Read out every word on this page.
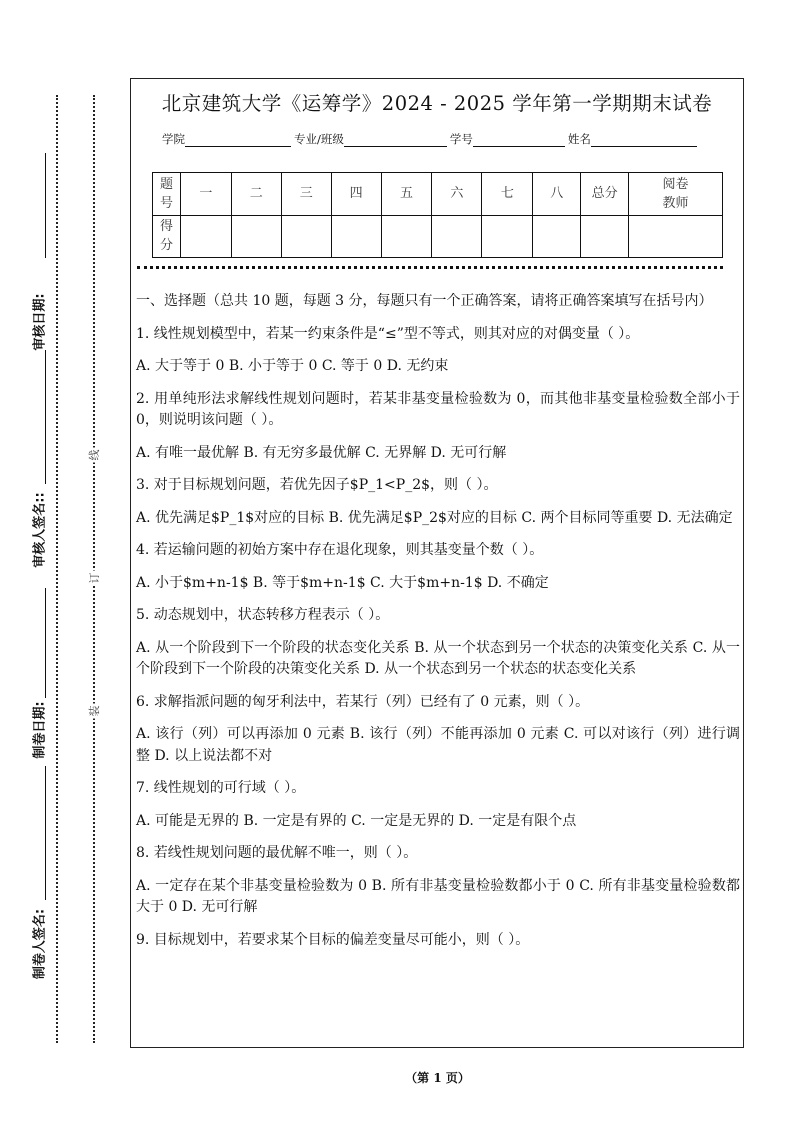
制卷人签名:
制卷日期:
审核人签名::
审核日期:
装
订
线
北京建筑大学《运筹学》2024 - 2025 学年第一学期期末试卷
学院	专业/班级	学号	姓名
题
号	一	二	三	四	五	六	七	八	总分	阅卷
教师
得
分										

一、选择题（总共 10 题，每题 3 分，每题只有一个正确答案，请将正确答案填写在括号内）

1. 线性规划模型中，若某一约束条件是“≤”型不等式，则其对应的对偶变量（ ）。

A. 大于等于 0 B. 小于等于 0 C. 等于 0 D. 无约束

2. 用单纯形法求解线性规划问题时，若某非基变量检验数为 0，而其他非基变量检验数全部小于 0，则说明该问题（ ）。

A. 有唯一最优解 B. 有无穷多最优解 C. 无界解 D. 无可行解

3. 对于目标规划问题，若优先因子$P_1<P_2$，则（ ）。

A. 优先满足$P_1$对应的目标 B. 优先满足$P_2$对应的目标 C. 两个目标同等重要 D. 无法确定

4. 若运输问题的初始方案中存在退化现象，则其基变量个数（ ）。

A. 小于$m+n-1$ B. 等于$m+n-1$ C. 大于$m+n-1$ D. 不确定

5. 动态规划中，状态转移方程表示（ ）。

A. 从一个阶段到下一个阶段的状态变化关系 B. 从一个状态到另一个状态的决策变化关系 C. 从一个阶段到下一个阶段的决策变化关系 D. 从一个状态到另一个状态的状态变化关系

6. 求解指派问题的匈牙利法中，若某行（列）已经有了 0 元素，则（ ）。

A. 该行（列）可以再添加 0 元素 B. 该行（列）不能再添加 0 元素 C. 可以对该行（列）进行调整 D. 以上说法都不对

7. 线性规划的可行域（ ）。

A. 可能是无界的 B. 一定是有界的 C. 一定是无界的 D. 一定是有限个点

8. 若线性规划问题的最优解不唯一，则（ ）。

A. 一定存在某个非基变量检验数为 0 B. 所有非基变量检验数都小于 0 C. 所有非基变量检验数都大于 0 D. 无可行解

9. 目标规划中，若要求某个目标的偏差变量尽可能小，则（ ）。

（第 1 页）
